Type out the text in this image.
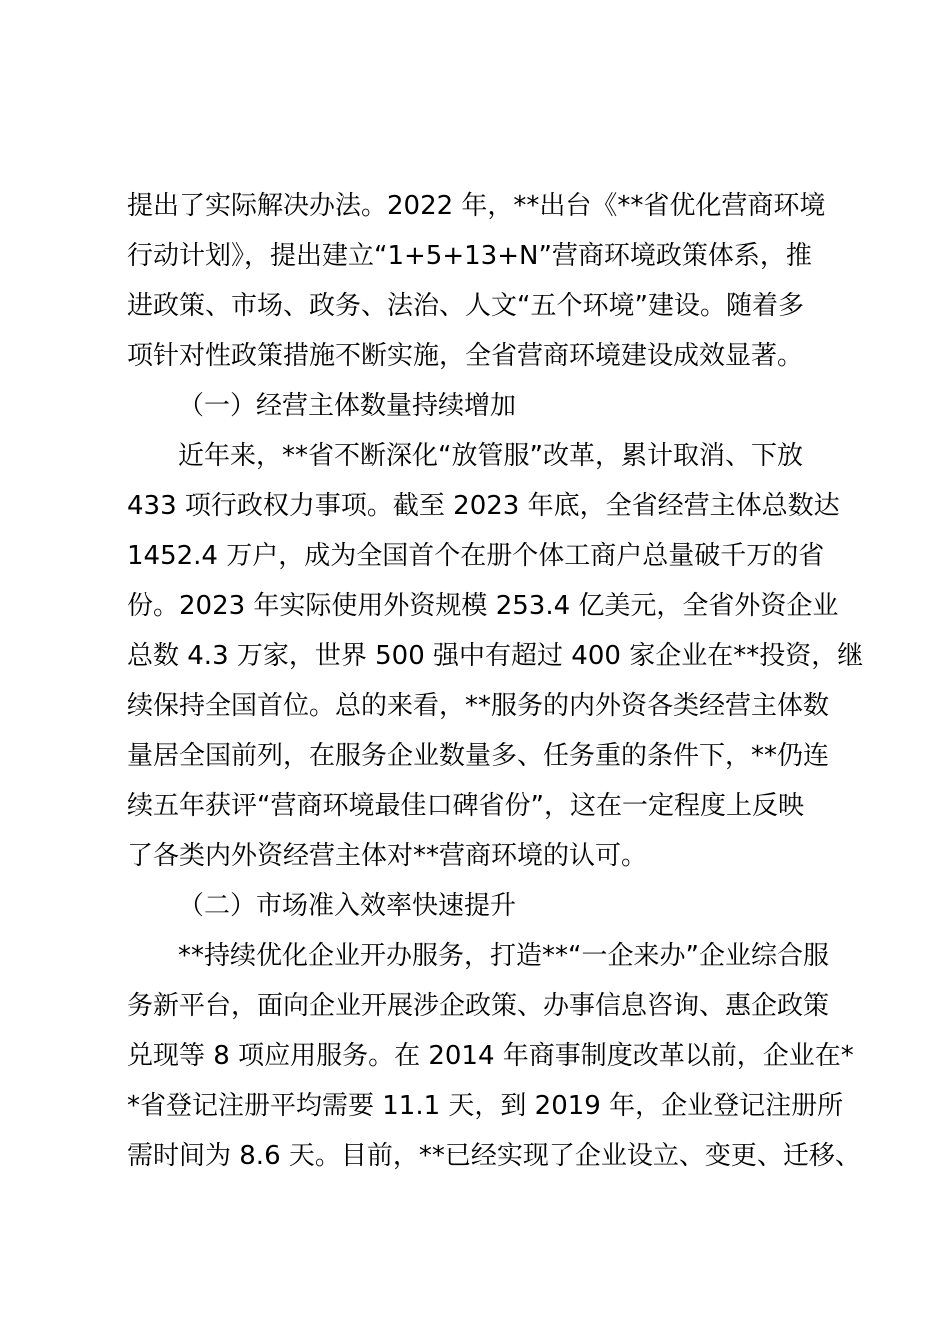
提出了实际解决办法。2022 年，**出台《**省优化营商环境

行动计划》，提出建立“1+5+13+N”营商环境政策体系，推

进政策、市场、政务、法治、人文“五个环境”建设。随着多

项针对性政策措施不断实施，全省营商环境建设成效显著。

（一）经营主体数量持续增加

近年来，**省不断深化“放管服”改革，累计取消、下放

433 项行政权力事项。截至 2023 年底，全省经营主体总数达

1452.4 万户，成为全国首个在册个体工商户总量破千万的省

份。2023 年实际使用外资规模 253.4 亿美元，全省外资企业

总数 4.3 万家，世界 500 强中有超过 400 家企业在**投资，继

续保持全国首位。总的来看，**服务的内外资各类经营主体数

量居全国前列，在服务企业数量多、任务重的条件下，**仍连

续五年获评“营商环境最佳口碑省份”，这在一定程度上反映

了各类内外资经营主体对**营商环境的认可。

（二）市场准入效率快速提升

**持续优化企业开办服务，打造**“一企来办”企业综合服

务新平台，面向企业开展涉企政策、办事信息咨询、惠企政策

兑现等 8 项应用服务。在 2014 年商事制度改革以前，企业在*

*省登记注册平均需要 11.1 天，到 2019 年，企业登记注册所

需时间为 8.6 天。目前，**已经实现了企业设立、变更、迁移、
